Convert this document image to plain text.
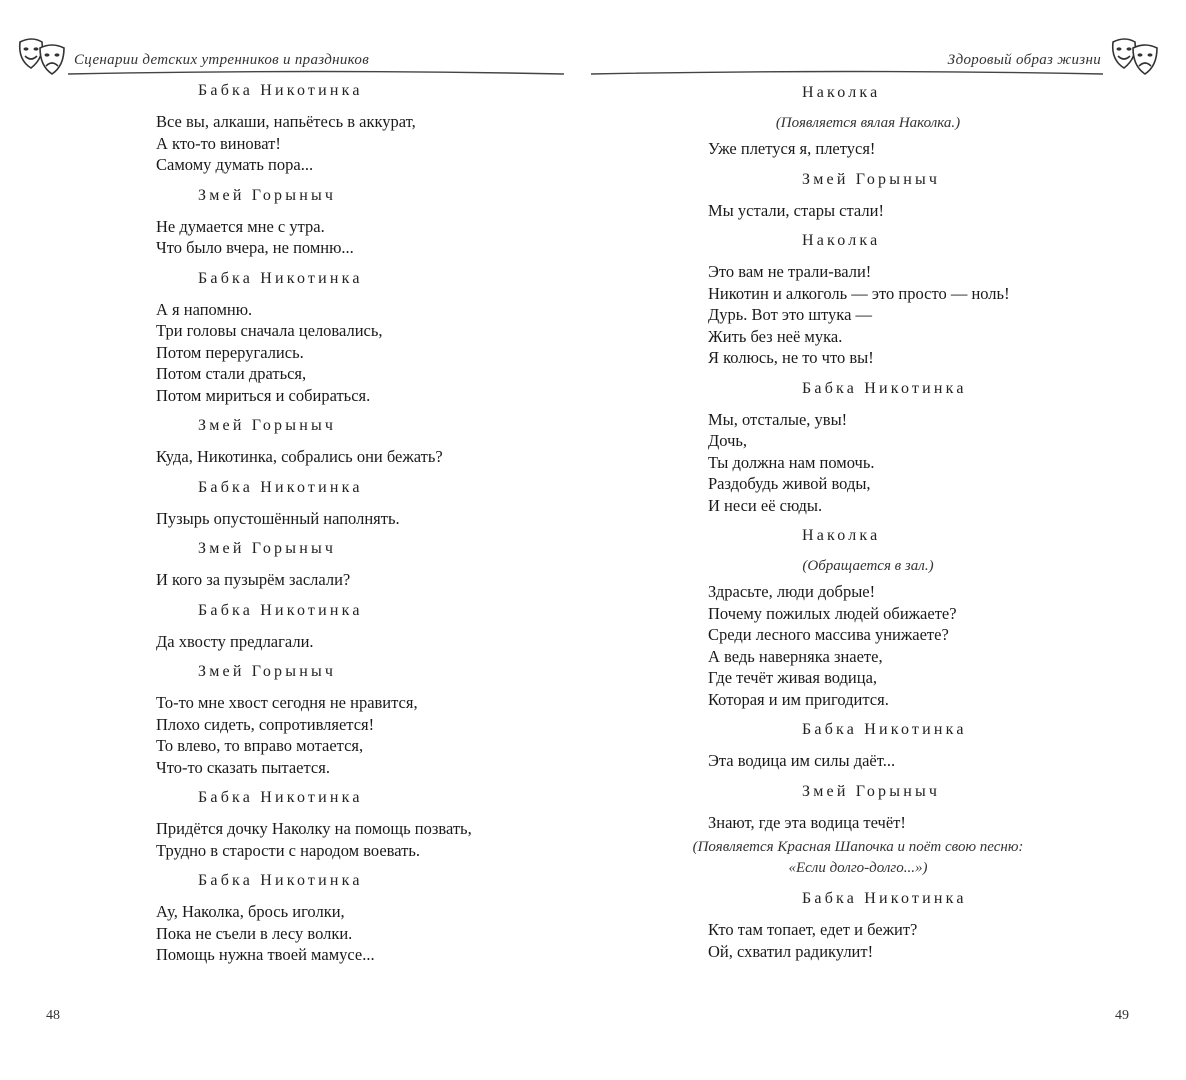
Сценарии детских утренников и праздников
Бабка Никотинка
Все вы, алкаши, напьётесь в аккурат,
А кто-то виноват!
Самому думать пора...
Змей Горыныч
Не думается мне с утра.
Что было вчера, не помню...
Бабка Никотинка
А я напомню.
Три головы сначала целовались,
Потом переругались.
Потом стали драться,
Потом мириться и собираться.
Змей Горыныч
Куда, Никотинка, собрались они бежать?
Бабка Никотинка
Пузырь опустошённый наполнять.
Змей Горыныч
И кого за пузырём заслали?
Бабка Никотинка
Да хвосту предлагали.
Змей Горыныч
То-то мне хвост сегодня не нравится,
Плохо сидеть, сопротивляется!
То влево, то вправо мотается,
Что-то сказать пытается.
Бабка Никотинка
Придётся дочку Наколку на помощь позвать,
Трудно в старости с народом воевать.
Бабка Никотинка
Ау, Наколка, брось иголки,
Пока не съели в лесу волки.
Помощь нужна твоей мамусе...
48
Здоровый образ жизни
Наколка
(Появляется вялая Наколка.)
Уже плетуся я, плетуся!
Змей Горыныч
Мы устали, стары стали!
Наколка
Это вам не трали-вали!
Никотин и алкоголь — это просто — ноль!
Дурь. Вот это штука —
Жить без неё мука.
Я колюсь, не то что вы!
Бабка Никотинка
Мы, отсталые, увы!
Дочь,
Ты должна нам помочь.
Раздобудь живой воды,
И неси её сюды.
Наколка
(Обращается в зал.)
Здрасьте, люди добрые!
Почему пожилых людей обижаете?
Среди лесного массива унижаете?
А ведь наверняка знаете,
Где течёт живая водица,
Которая и им пригодится.
Бабка Никотинка
Эта водица им силы даёт...
Змей Горыныч
Знают, где эта водица течёт!
(Появляется Красная Шапочка и поёт свою песню:
«Если долго-долго...»)
Бабка Никотинка
Кто там топает, едет и бежит?
Ой, схватил радикулит!
49
